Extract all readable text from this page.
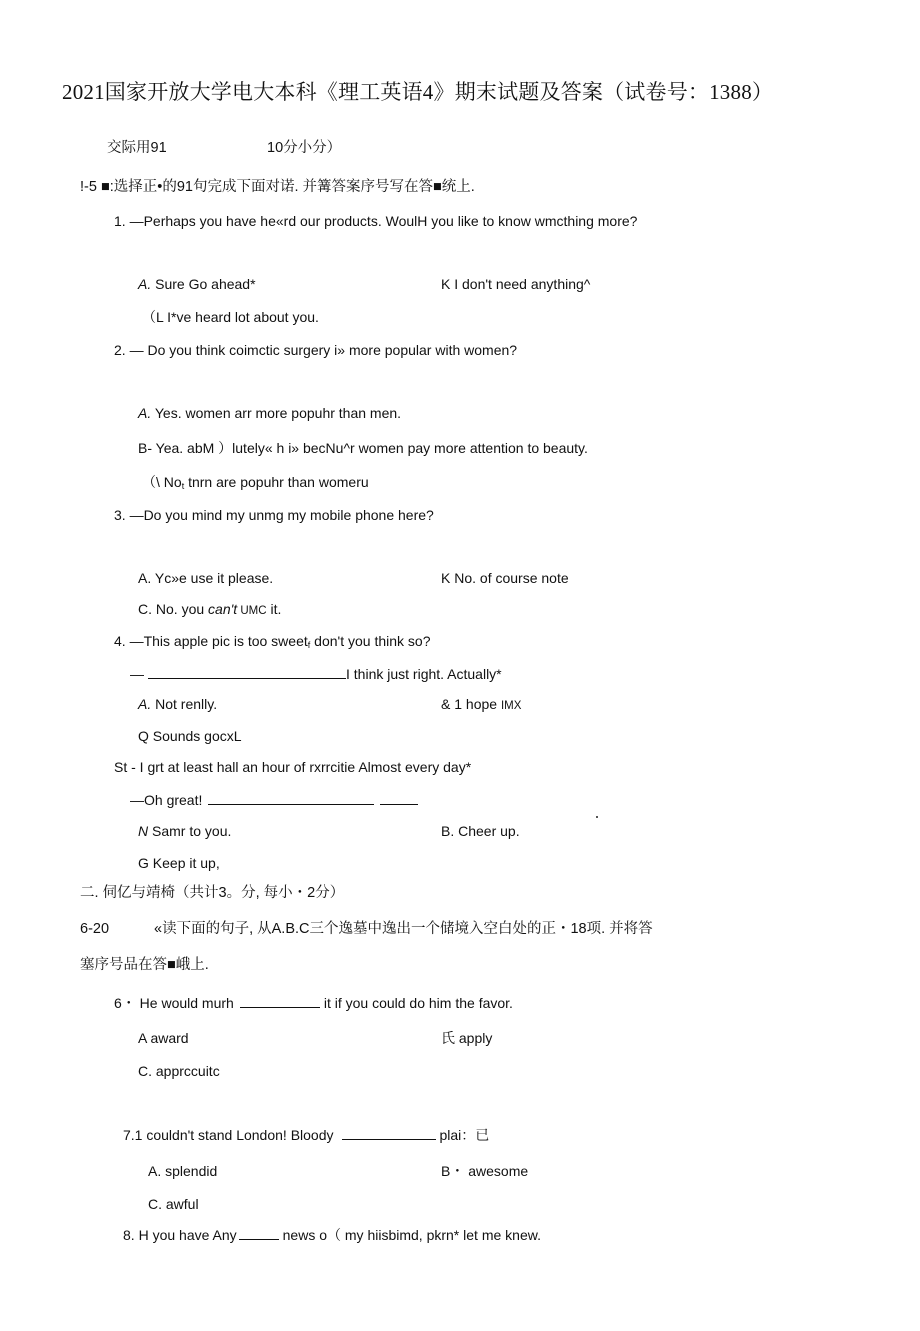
2021国家开放大学电大本科《理工英语4》期末试题及答案（试卷号：1388）
交际用91	10分小分）
!-5 ■:选择正•的91句完成下面对诺. 并篝答案序号写在答■统上.
1. —Perhaps you have he«rd our products. WoulH you like to know wmcthing more?
A. Sure Go ahead*	K I don't need anything^
（L I*ve heard lot about you.
2. — Do you think coimctic surgery i» more popular with women?
A. Yes. women arr more popuhr than men.
B- Yea. abM ）lutely« h i» becNu^r women pay more attention to beauty.
（\ $No_t$ tnrn are popuhr than womeru
3. —Do you mind my unmg my mobile phone here?
A. Yc»e use it please.	K No. of course note
C. No. you can't UMC it.
4. —This apple pic is too sweet$_f$ don't you think so?
—	I think just right. Actually*
A. Not renlly.	& 1 hope IMX
Q Sounds gocxL
St - I grt at least hall an hour of rxrrcitie Almost every day*
—Oh great!
N Samr to you.	B. Cheer up.
G Keep it up,
二. 伺亿与靖椅（共计3。分, 每小・2分）
6-20	«读下面的句子, 从A.B.C三个逸墓中逸出一个储境入空白处的正・18项. 并将答
塞序号品在答■峨上.
6・ He would murh	it if you could do him the favor.
A award	氏 apply
C. apprccuitc
7.1 couldn't stand London! Bloody	plai：已
A. splendid	B・ awesome
C. awful
8. H you have Any	news o（ my hiisbimd, pkrn* let me knew.
